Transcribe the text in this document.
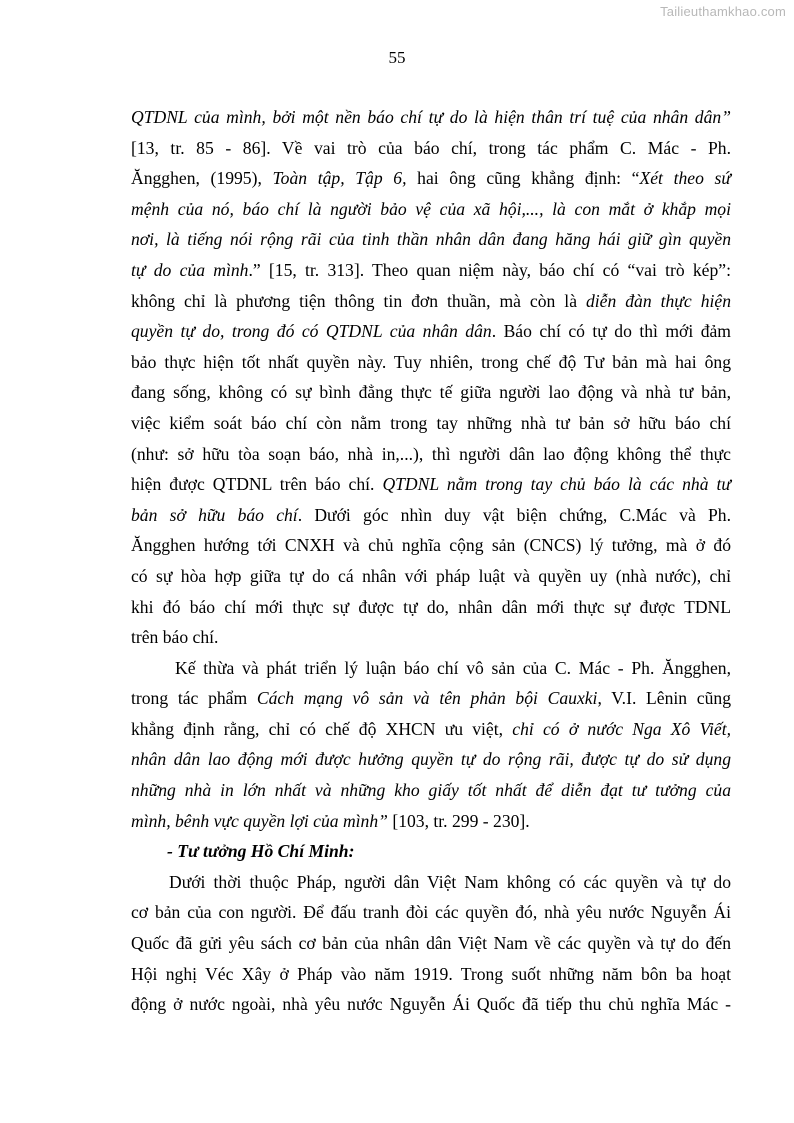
Tailieuthamkhao.com
55
QTDNL của mình, bởi một nền báo chí tự do là hiện thân trí tuệ của nhân dân”
[13, tr. 85 - 86]. Về vai trò của báo chí, trong tác phẩm C. Mác - Ph.
Ăngghen, (1995), Toàn tập, Tập 6, hai ông cũng khẳng định: “Xét theo sứ
mệnh của nó, báo chí là người bảo vệ của xã hội,..., là con mắt ở khắp mọi
nơi, là tiếng nói rộng rãi của tinh thần nhân dân đang hăng hái giữ gìn quyền
tự do của mình.” [15, tr. 313]. Theo quan niệm này, báo chí có “vai trò kép”:
không chỉ là phương tiện thông tin đơn thuần, mà còn là diễn đàn thực hiện
quyền tự do, trong đó có QTDNL của nhân dân. Báo chí có tự do thì mới đảm
bảo thực hiện tốt nhất quyền này. Tuy nhiên, trong chế độ Tư bản mà hai ông
đang sống, không có sự bình đẳng thực tế giữa người lao động và nhà tư bản,
việc kiểm soát báo chí còn nằm trong tay những nhà tư bản sở hữu báo chí
(như: sở hữu tòa soạn báo, nhà in,...), thì người dân lao động không thể thực
hiện được QTDNL trên báo chí. QTDNL nằm trong tay chủ báo là các nhà tư
bản sở hữu báo chí. Dưới góc nhìn duy vật biện chứng, C.Mác và Ph.
Ăngghen hướng tới CNXH và chủ nghĩa cộng sản (CNCS) lý tưởng, mà ở đó
có sự hòa hợp giữa tự do cá nhân với pháp luật và quyền uy (nhà nước), chỉ
khi đó báo chí mới thực sự được tự do, nhân dân mới thực sự được TDNL
trên báo chí.
Kế thừa và phát triển lý luận báo chí vô sản của C. Mác - Ph. Ăngghen,
trong tác phẩm Cách mạng vô sản và tên phản bội Cauxki, V.I. Lênin cũng
khẳng định rằng, chỉ có chế độ XHCN ưu việt, chỉ có ở nước Nga Xô Viết,
nhân dân lao động mới được hưởng quyền tự do rộng rãi, được tự do sử dụng
những nhà in lớn nhất và những kho giấy tốt nhất để diễn đạt tư tưởng của
mình, bênh vực quyền lợi của mình” [103, tr. 299 - 230].
- Tư tưởng Hồ Chí Minh:
Dưới thời thuộc Pháp, người dân Việt Nam không có các quyền và tự do
cơ bản của con người. Để đấu tranh đòi các quyền đó, nhà yêu nước Nguyễn Ái
Quốc đã gửi yêu sách cơ bản của nhân dân Việt Nam về các quyền và tự do đến
Hội nghị Véc Xây ở Pháp vào năm 1919. Trong suốt những năm bôn ba hoạt
động ở nước ngoài, nhà yêu nước Nguyễn Ái Quốc đã tiếp thu chủ nghĩa Mác -
